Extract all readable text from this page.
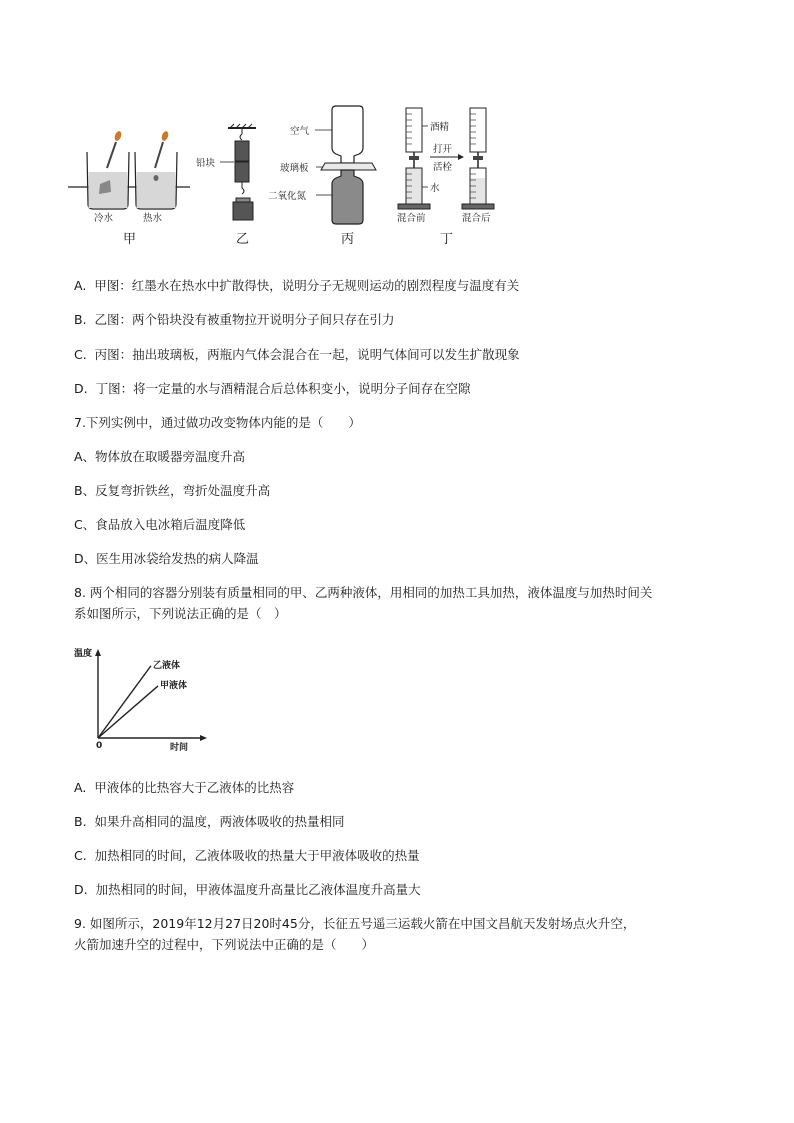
冷水	热水
铅块
空气
玻璃板
二氧化氮
酒精
水
打开
活栓
混合前	混合后
甲	乙	丙	丁
A. 甲图：红墨水在热水中扩散得快，说明分子无规则运动的剧烈程度与温度有关
B. 乙图：两个铅块没有被重物拉开说明分子间只存在引力
C. 丙图：抽出玻璃板，两瓶内气体会混合在一起，说明气体间可以发生扩散现象
D. 丁图：将一定量的水与酒精混合后总体积变小，说明分子间存在空隙
7.下列实例中，通过做功改变物体内能的是（　　）
A、物体放在取暖器旁温度升高
B、反复弯折铁丝，弯折处温度升高
C、食品放入电冰箱后温度降低
D、医生用冰袋给发热的病人降温
8. 两个相同的容器分别装有质量相同的甲、乙两种液体，用相同的加热工具加热，液体温度与加热时间关
系如图所示，下列说法正确的是（　）
温度
时间
0
乙液体
甲液体
A. 甲液体的比热容大于乙液体的比热容
B. 如果升高相同的温度，两液体吸收的热量相同
C. 加热相同的时间，乙液体吸收的热量大于甲液体吸收的热量
D. 加热相同的时间，甲液体温度升高量比乙液体温度升高量大
9. 如图所示，2019年12月27日20时45分，长征五号遥三运载火箭在中国文昌航天发射场点火升空，
火箭加速升空的过程中，下列说法中正确的是（　　）
